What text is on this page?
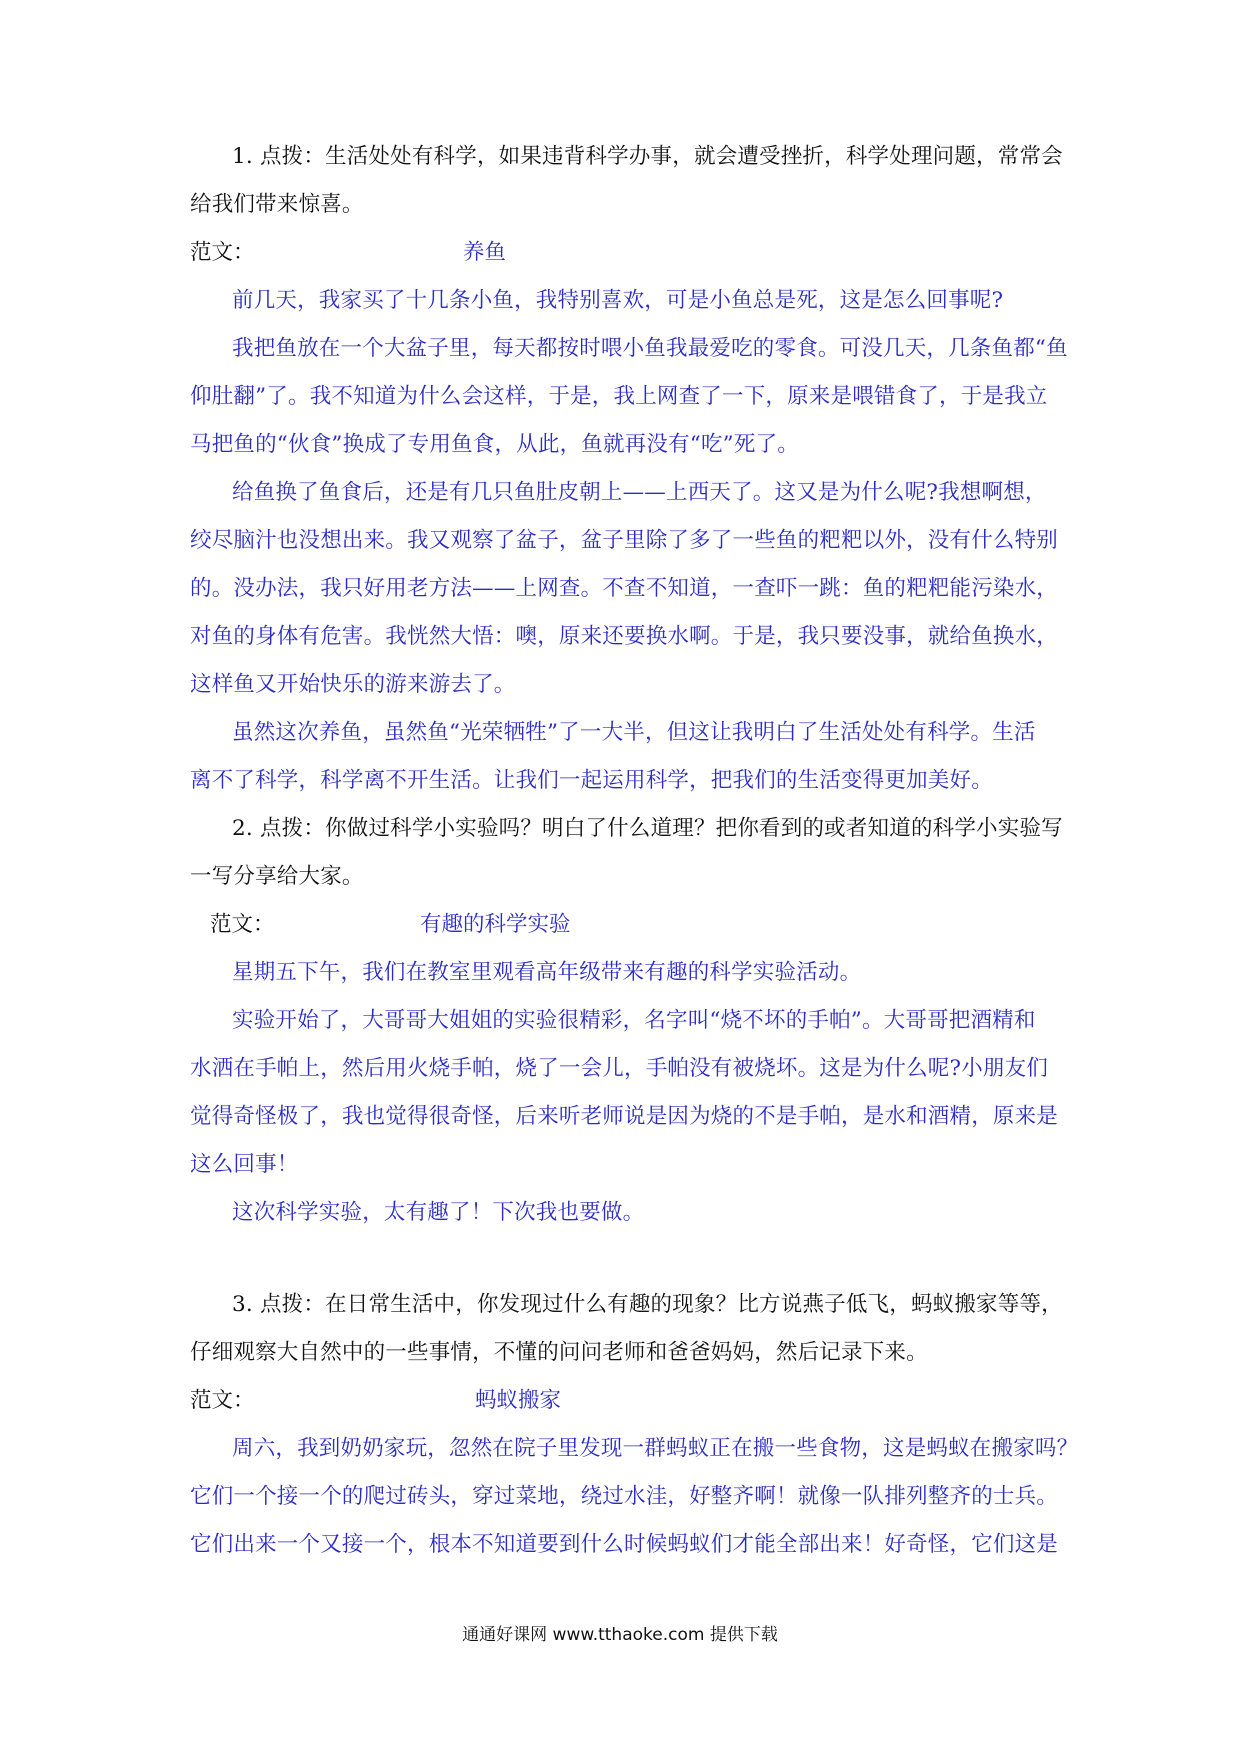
1. 点拨：生活处处有科学，如果违背科学办事，就会遭受挫折，科学处理问题，常常会
给我们带来惊喜。
范文：	养鱼
前几天，我家买了十几条小鱼，我特别喜欢，可是小鱼总是死，这是怎么回事呢?
我把鱼放在一个大盆子里，每天都按时喂小鱼我最爱吃的零食。可没几天，几条鱼都“鱼
仰肚翻”了。我不知道为什么会这样，于是，我上网查了一下，原来是喂错食了，于是我立
马把鱼的“伙食”换成了专用鱼食，从此，鱼就再没有“吃”死了。
给鱼换了鱼食后，还是有几只鱼肚皮朝上——上西天了。这又是为什么呢?我想啊想，
绞尽脑汁也没想出来。我又观察了盆子，盆子里除了多了一些鱼的粑粑以外，没有什么特别
的。没办法，我只好用老方法——上网查。不查不知道，一查吓一跳：鱼的粑粑能污染水，
对鱼的身体有危害。我恍然大悟：噢，原来还要换水啊。于是，我只要没事，就给鱼换水，
这样鱼又开始快乐的游来游去了。
虽然这次养鱼，虽然鱼“光荣牺牲”了一大半，但这让我明白了生活处处有科学。生活
离不了科学，科学离不开生活。让我们一起运用科学，把我们的生活变得更加美好。
2. 点拨：你做过科学小实验吗？明白了什么道理？把你看到的或者知道的科学小实验写
一写分享给大家。
范文：	有趣的科学实验
星期五下午，我们在教室里观看高年级带来有趣的科学实验活动。
实验开始了，大哥哥大姐姐的实验很精彩，名字叫“烧不坏的手帕”。大哥哥把酒精和
水洒在手帕上，然后用火烧手帕，烧了一会儿，手帕没有被烧坏。这是为什么呢?小朋友们
觉得奇怪极了，我也觉得很奇怪，后来听老师说是因为烧的不是手帕，是水和酒精，原来是
这么回事！
这次科学实验，太有趣了！下次我也要做。
3. 点拨：在日常生活中，你发现过什么有趣的现象？比方说燕子低飞，蚂蚁搬家等等，
仔细观察大自然中的一些事情，不懂的问问老师和爸爸妈妈，然后记录下来。
范文：	蚂蚁搬家
周六，我到奶奶家玩，忽然在院子里发现一群蚂蚁正在搬一些食物，这是蚂蚁在搬家吗？
它们一个接一个的爬过砖头，穿过菜地，绕过水洼，好整齐啊！就像一队排列整齐的士兵。
它们出来一个又接一个，根本不知道要到什么时候蚂蚁们才能全部出来！好奇怪，它们这是
通通好课网 www.tthaoke.com 提供下载
